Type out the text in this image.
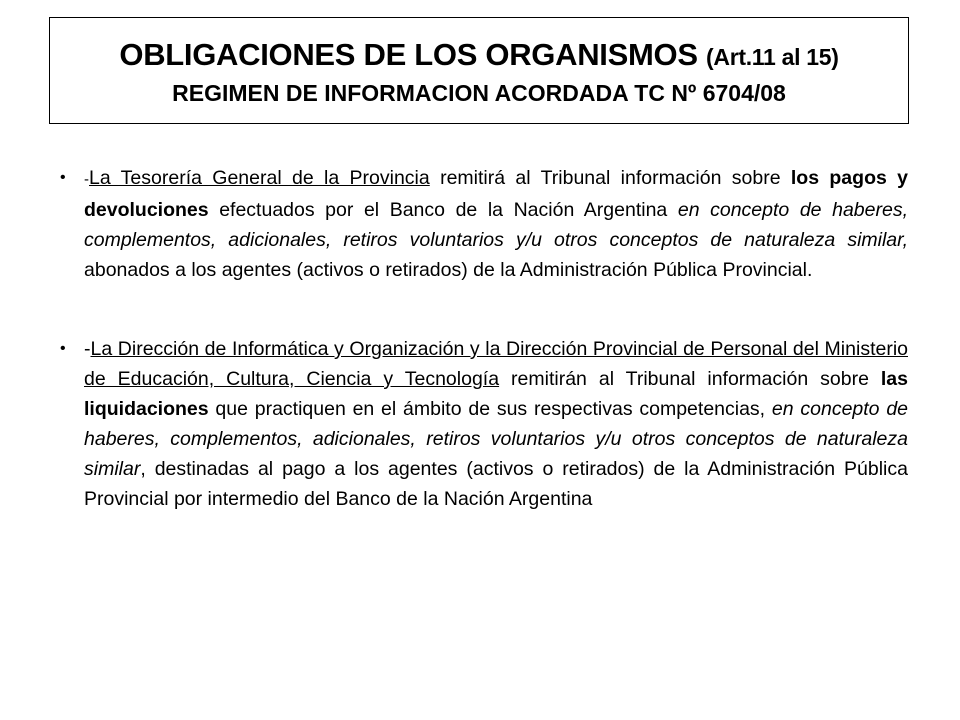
OBLIGACIONES DE LOS ORGANISMOS (Art.11 al 15)
REGIMEN DE INFORMACION ACORDADA TC Nº 6704/08
• -La Tesorería General de la Provincia remitirá al Tribunal información sobre los pagos y devoluciones efectuados por el Banco de la Nación Argentina en concepto de haberes, complementos, adicionales, retiros voluntarios y/u otros conceptos de naturaleza similar, abonados a los agentes (activos o retirados) de la Administración Pública Provincial.
• -La Dirección de Informática y Organización y la Dirección Provincial de Personal del Ministerio de Educación, Cultura, Ciencia y Tecnología remitirán al Tribunal información sobre las liquidaciones que practiquen en el ámbito de sus respectivas competencias, en concepto de haberes, complementos, adicionales, retiros voluntarios y/u otros conceptos de naturaleza similar, destinadas al pago a los agentes (activos o retirados) de la Administración Pública Provincial por intermedio del Banco de la Nación Argentina
